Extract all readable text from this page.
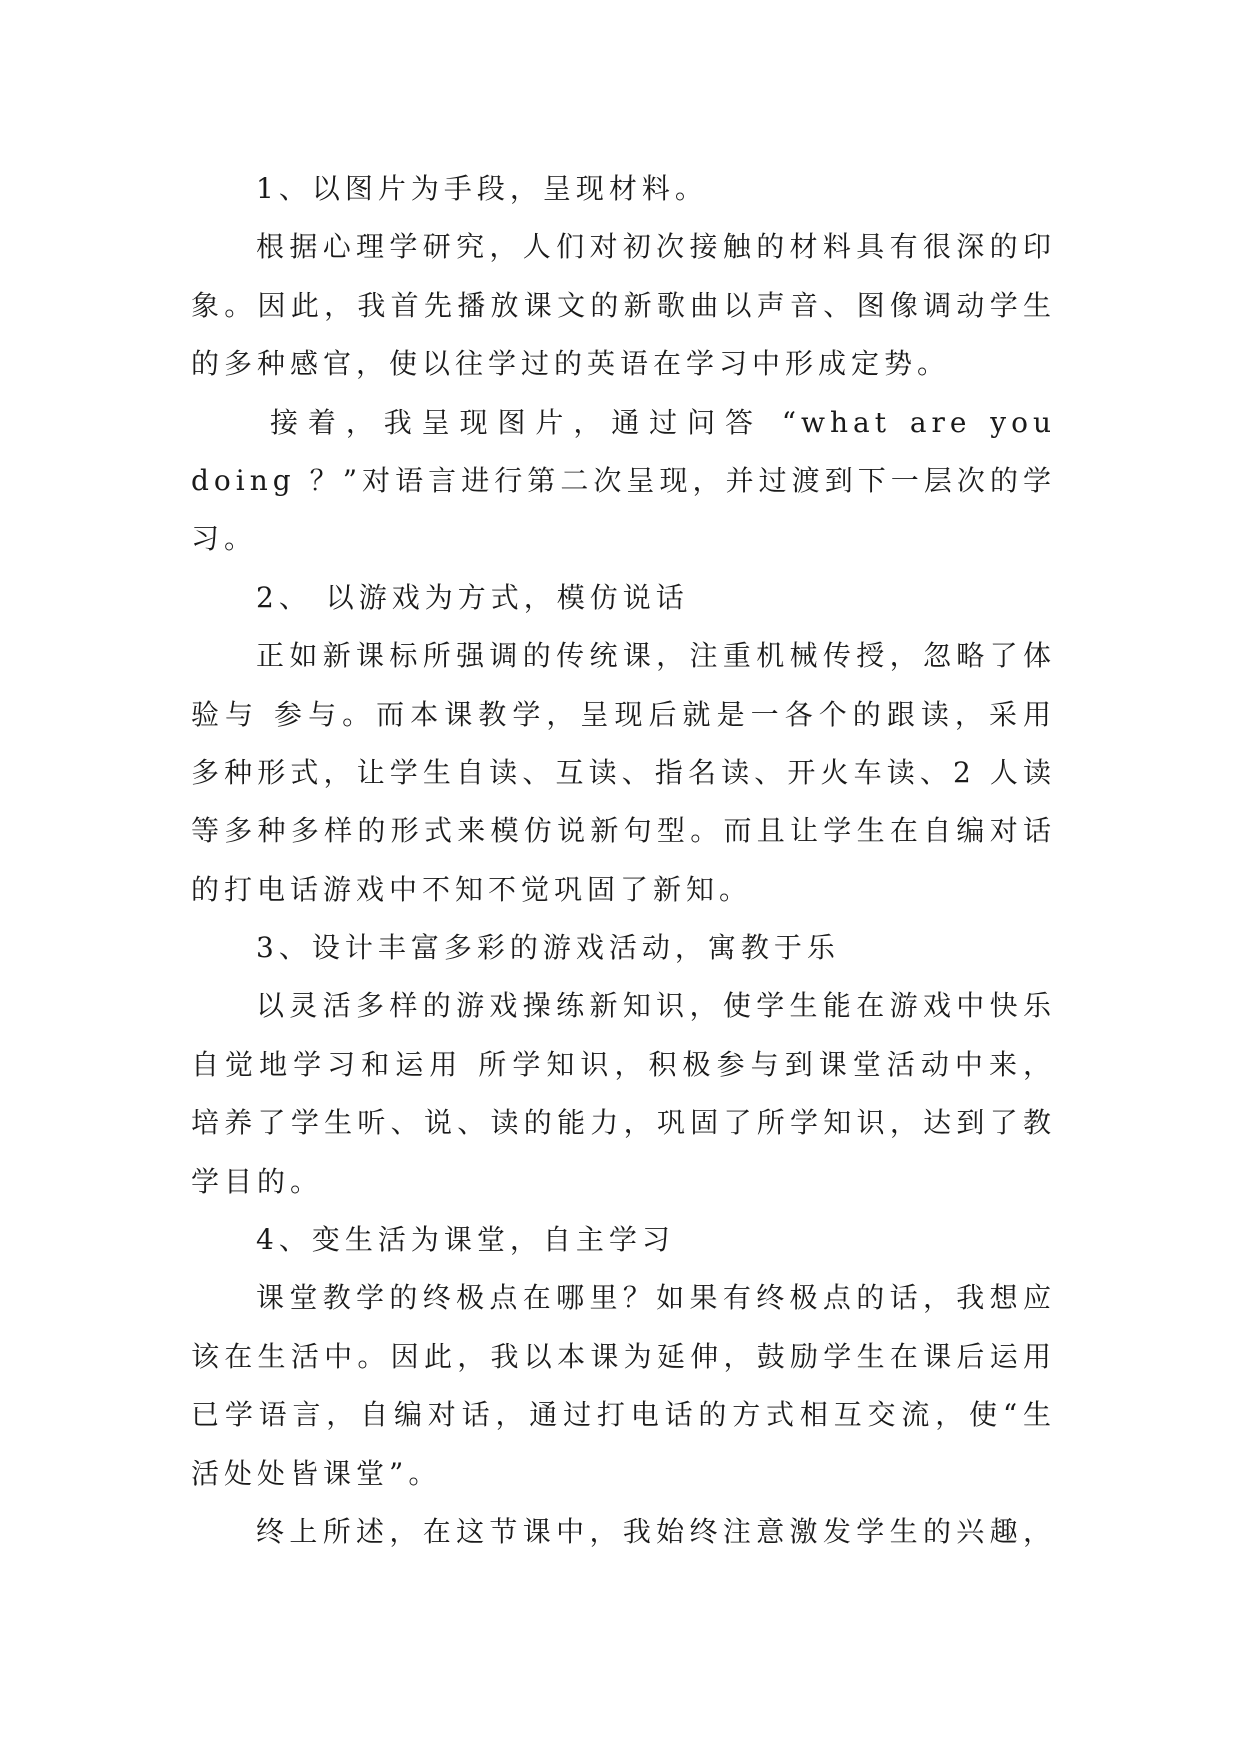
1、以图片为手段，呈现材料。
根据心理学研究，人们对初次接触的材料具有很深的印
象。因此，我首先播放课文的新歌曲以声音、图像调动学生
的多种感官，使以往学过的英语在学习中形成定势。
接着，我呈现图片，通过问答 “what are you
doing ？”对语言进行第二次呈现，并过渡到下一层次的学
习。
2、 以游戏为方式，模仿说话
正如新课标所强调的传统课，注重机械传授，忽略了体
验与 参与。而本课教学，呈现后就是一各个的跟读，采用
多种形式，让学生自读、互读、指名读、开火车读、2 人读
等多种多样的形式来模仿说新句型。而且让学生在自编对话
的打电话游戏中不知不觉巩固了新知。
3、设计丰富多彩的游戏活动，寓教于乐
以灵活多样的游戏操练新知识，使学生能在游戏中快乐
自觉地学习和运用 所学知识，积极参与到课堂活动中来，
培养了学生听、说、读的能力，巩固了所学知识，达到了教
学目的。
4、变生活为课堂，自主学习
课堂教学的终极点在哪里？如果有终极点的话，我想应
该在生活中。因此，我以本课为延伸，鼓励学生在课后运用
已学语言，自编对话，通过打电话的方式相互交流，使“生
活处处皆课堂”。
终上所述，在这节课中，我始终注意激发学生的兴趣，
